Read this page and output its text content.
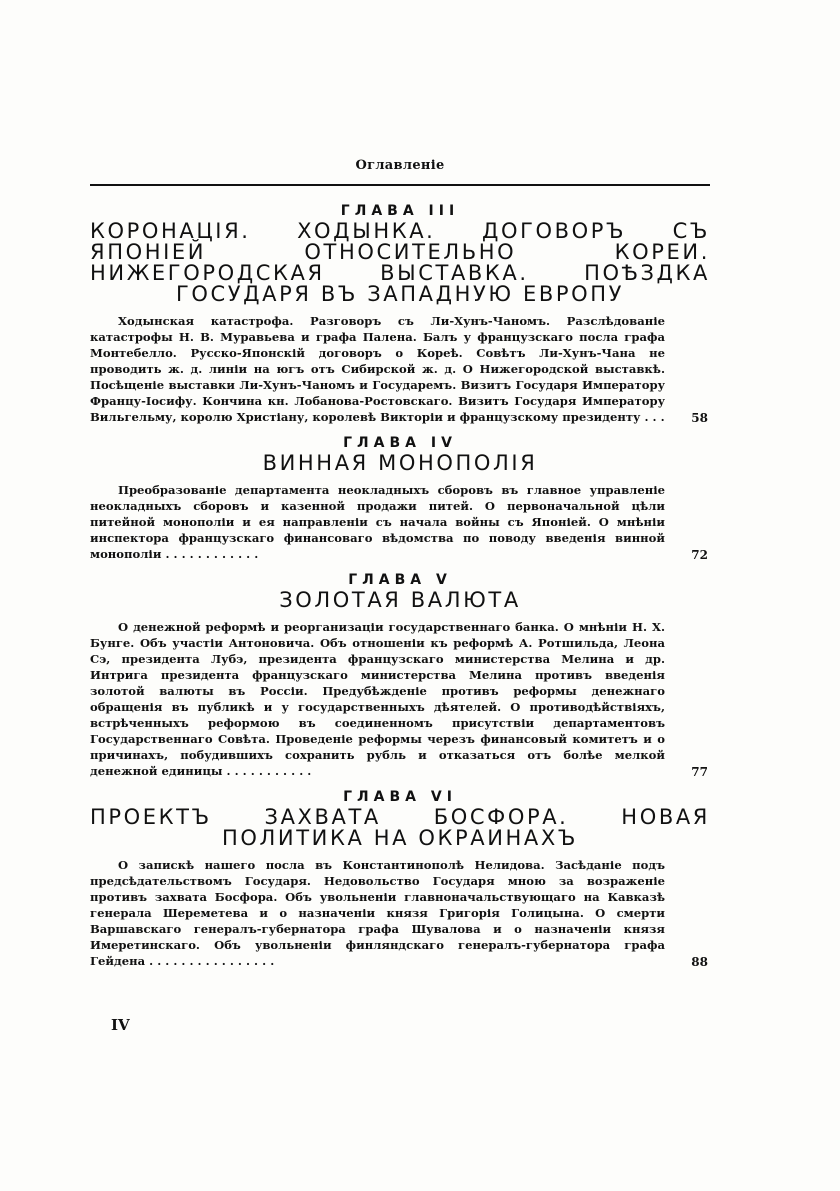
Оглавленіе

ГЛАВА III

КОРОНАЦІЯ. ХОДЫНКА. ДОГОВОРЪ СЪ ЯПОНІЕЙ ОТНОСИТЕЛЬНО КОРЕИ. НИЖЕГОРОДСКАЯ ВЫСТАВКА. ПОѢЗДКА ГОСУДАРЯ ВЪ ЗАПАДНУЮ ЕВРОПУ

Ходынская катастрофа. Разговоръ съ Ли-Хунъ-Чаномъ. Разслѣдованіе катастрофы Н. В. Муравьева и графа Палена. Балъ у французскаго посла графа Монтебелло. Русско-Японскій договоръ о Кореѣ. Совѣтъ Ли-Хунъ-Чана не проводить ж. д. линіи на югъ отъ Сибирской ж. д. О Нижегородской выставкѣ. Посѣщеніе выставки Ли-Хунъ-Чаномъ и Государемъ. Визитъ Государя Императору Францу-Іосифу. Кончина кн. Лобанова-Ростовскаго. Визитъ Государя Императору Вильгельму, королю Христіану, королевѣ Викторіи и французскому президенту . . . 58

ГЛАВА IV

ВИННАЯ МОНОПОЛІЯ

Преобразованіе департамента неокладныхъ сборовъ въ главное управленіе неокладныхъ сборовъ и казенной продажи питей. О первоначальной цѣли питейной монополіи и ея направленіи съ начала войны съ Японіей. О мнѣніи инспектора французскаго финансоваго вѣдомства по поводу введенія винной монополіи . . . . . . . . . . . .	72

ГЛАВА V

ЗОЛОТАЯ ВАЛЮТА

О денежной реформѣ и реорганизаціи государственнаго банка. О мнѣніи Н. Х. Бунге. Объ участіи Антоновича. Объ отношеніи къ реформѣ А. Ротшильда, Леона Сэ, президента Лубэ, президента французскаго министерства Мелина и др. Интрига президента французскаго министерства Мелина противъ введенія золотой валюты въ Россіи. Предубѣжденіе противъ реформы денежнаго обращенія въ публикѣ и у государственныхъ дѣятелей. О противодѣйствіяхъ, встрѣченныхъ реформою въ соединенномъ присутствіи департаментовъ Государственнаго Совѣта. Проведеніе реформы черезъ финансовый комитетъ и о причинахъ, побудившихъ сохранить рубль и отказаться отъ болѣе мелкой денежной единицы . . . . . . . . . . .	77

ГЛАВА VI

ПРОЕКТЪ ЗАХВАТА БОСФОРА. НОВАЯ ПОЛИТИКА НА ОКРАИНАХЪ

О запискѣ нашего посла въ Константинополѣ Нелидова. Засѣданіе подъ предсѣдательствомъ Государя. Недовольство Государя мною за возраженіе противъ захвата Босфора. Объ увольненіи главноначальствующаго на Кавказѣ генерала Шереметева и о назначеніи князя Григорія Голицына. О смерти Варшавскаго генералъ-губернатора графа Шувалова и о назначеніи князя Имеретинскаго. Объ увольненіи финляндскаго генералъ-губернатора графа Гейдена . . . . . . . . . . . . . . . .	88
IV
